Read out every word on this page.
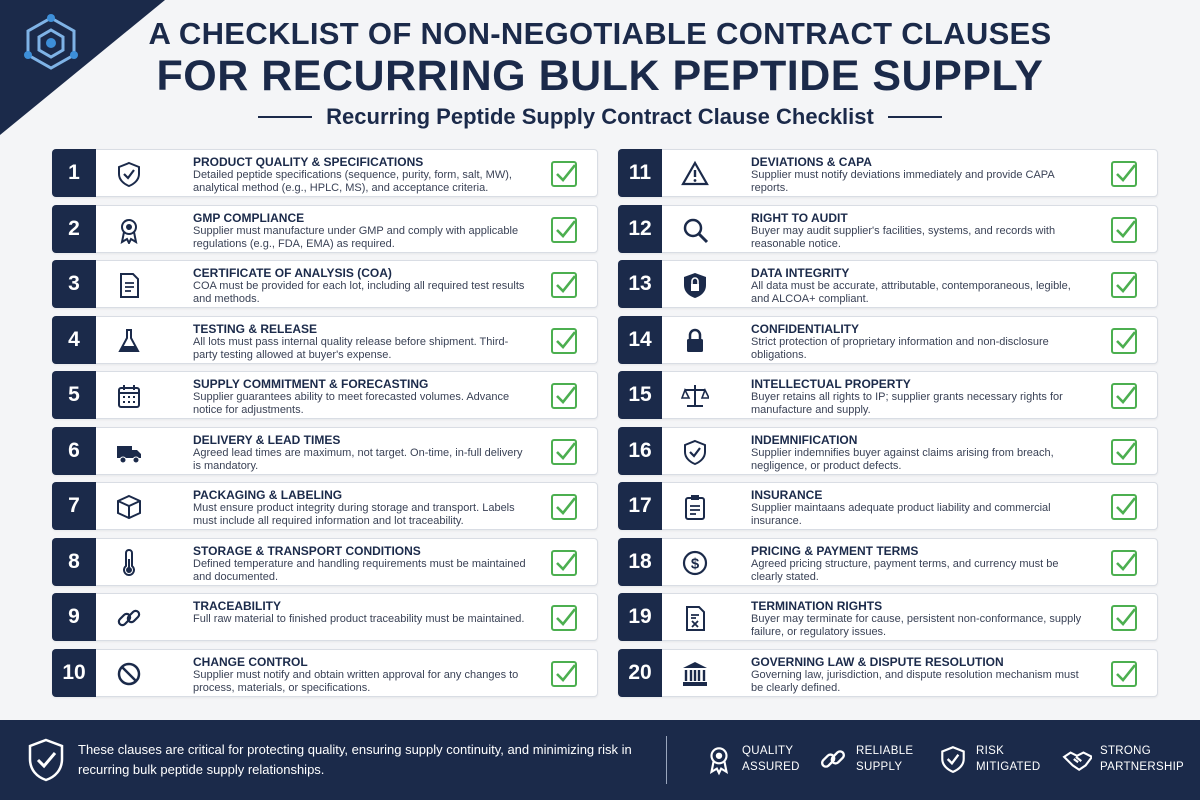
A CHECKLIST OF NON-NEGOTIABLE CONTRACT CLAUSES
FOR RECURRING BULK PEPTIDE SUPPLY
Recurring Peptide Supply Contract Clause Checklist
1	PRODUCT QUALITY & SPECIFICATIONS
Detailed peptide specifications (sequence, purity, form, salt, MW), analytical method (e.g., HPLC, MS), and acceptance criteria.
2	GMP COMPLIANCE
Supplier must manufacture under GMP and comply with applicable regulations (e.g., FDA, EMA) as required.
3	CERTIFICATE OF ANALYSIS (COA)
COA must be provided for each lot, including all required test results and methods.
4	TESTING & RELEASE
All lots must pass internal quality release before shipment. Third-party testing allowed at buyer's expense.
5	SUPPLY COMMITMENT & FORECASTING
Supplier guarantees ability to meet forecasted volumes. Advance notice for adjustments.
6	DELIVERY & LEAD TIMES
Agreed lead times are maximum, not target. On-time, in-full delivery is mandatory.
7	PACKAGING & LABELING
Must ensure product integrity during storage and transport. Labels must include all required information and lot traceability.
8	STORAGE & TRANSPORT CONDITIONS
Defined temperature and handling requirements must be maintained and documented.
9	TRACEABILITY
Full raw material to finished product traceability must be maintained.
10	CHANGE CONTROL
Supplier must notify and obtain written approval for any changes to process, materials, or specifications.
11	DEVIATIONS & CAPA
Supplier must notify deviations immediately and provide CAPA reports.
12	RIGHT TO AUDIT
Buyer may audit supplier's facilities, systems, and records with reasonable notice.
13	DATA INTEGRITY
All data must be accurate, attributable, contemporaneous, legible, and ALCOA+ compliant.
14	CONFIDENTIALITY
Strict protection of proprietary information and non-disclosure obligations.
15	INTELLECTUAL PROPERTY
Buyer retains all rights to IP; supplier grants necessary rights for manufacture and supply.
16	INDEMNIFICATION
Supplier indemnifies buyer against claims arising from breach, negligence, or product defects.
17	INSURANCE
Supplier maintaans adequate product liability and commercial insurance.
18	$
PRICING & PAYMENT TERMS
Agreed pricing structure, payment terms, and currency must be clearly stated.
19	TERMINATION RIGHTS
Buyer may terminate for cause, persistent non-conformance, supply failure, or regulatory issues.
20	GOVERNING LAW & DISPUTE RESOLUTION
Governing law, jurisdiction, and dispute resolution mechanism must be clearly defined.
These clauses are critical for protecting quality, ensuring supply continuity, and minimizing risk in recurring bulk peptide supply relationships.
QUALITY
ASSURED
RELIABLE
SUPPLY
RISK
MITIGATED
STRONG
PARTNERSHIP
